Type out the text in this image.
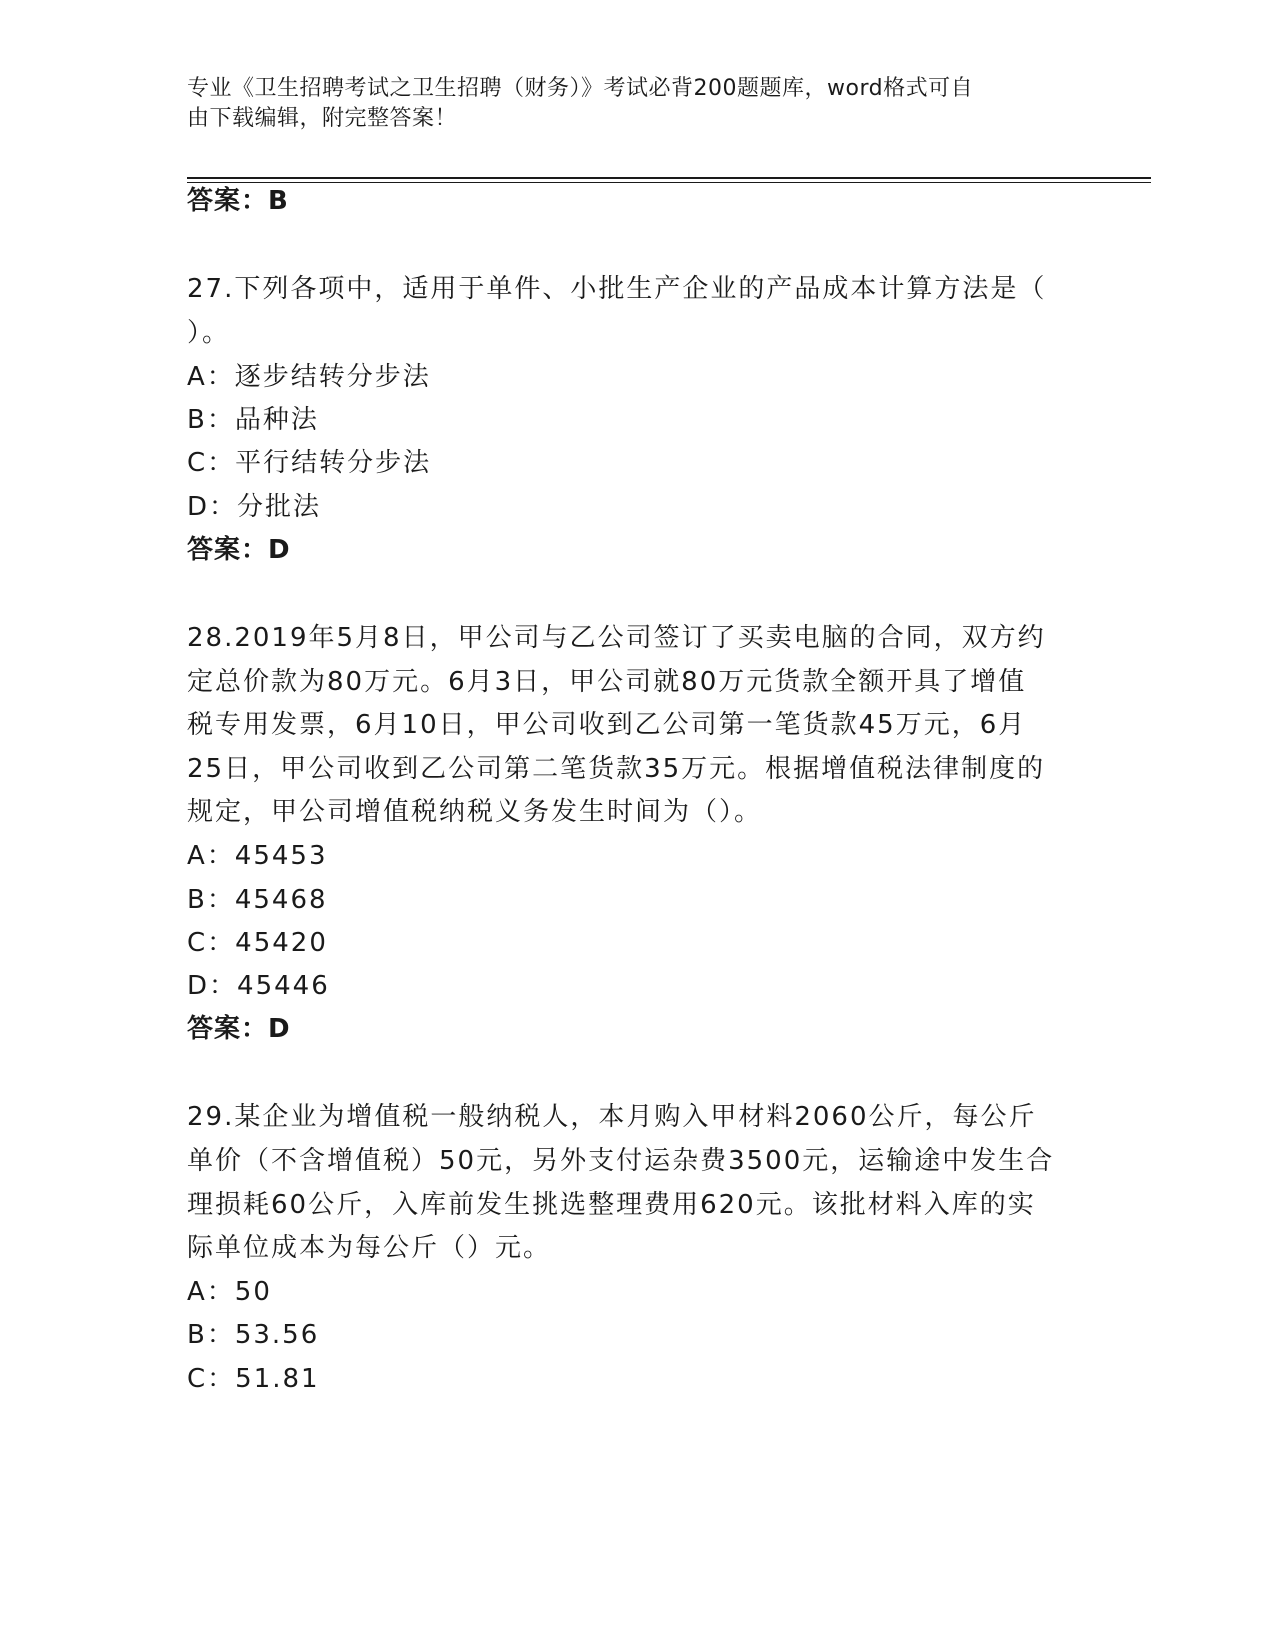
专业《卫生招聘考试之卫生招聘（财务）》考试必背200题题库，word格式可自
由下载编辑，附完整答案！
答案：B
27.下列各项中，适用于单件、小批生产企业的产品成本计算方法是（
）。
A：逐步结转分步法
B：品种法
C：平行结转分步法
D：分批法
答案：D
28.2019年5月8日，甲公司与乙公司签订了买卖电脑的合同，双方约
定总价款为80万元。6月3日，甲公司就80万元货款全额开具了增值
税专用发票，6月10日，甲公司收到乙公司第一笔货款45万元，6月
25日，甲公司收到乙公司第二笔货款35万元。根据增值税法律制度的
规定，甲公司增值税纳税义务发生时间为（）。
A：45453
B：45468
C：45420
D：45446
答案：D
29.某企业为增值税一般纳税人，本月购入甲材料2060公斤，每公斤
单价（不含增值税）50元，另外支付运杂费3500元，运输途中发生合
理损耗60公斤，入库前发生挑选整理费用620元。该批材料入库的实
际单位成本为每公斤（）元。
A：50
B：53.56
C：51.81
